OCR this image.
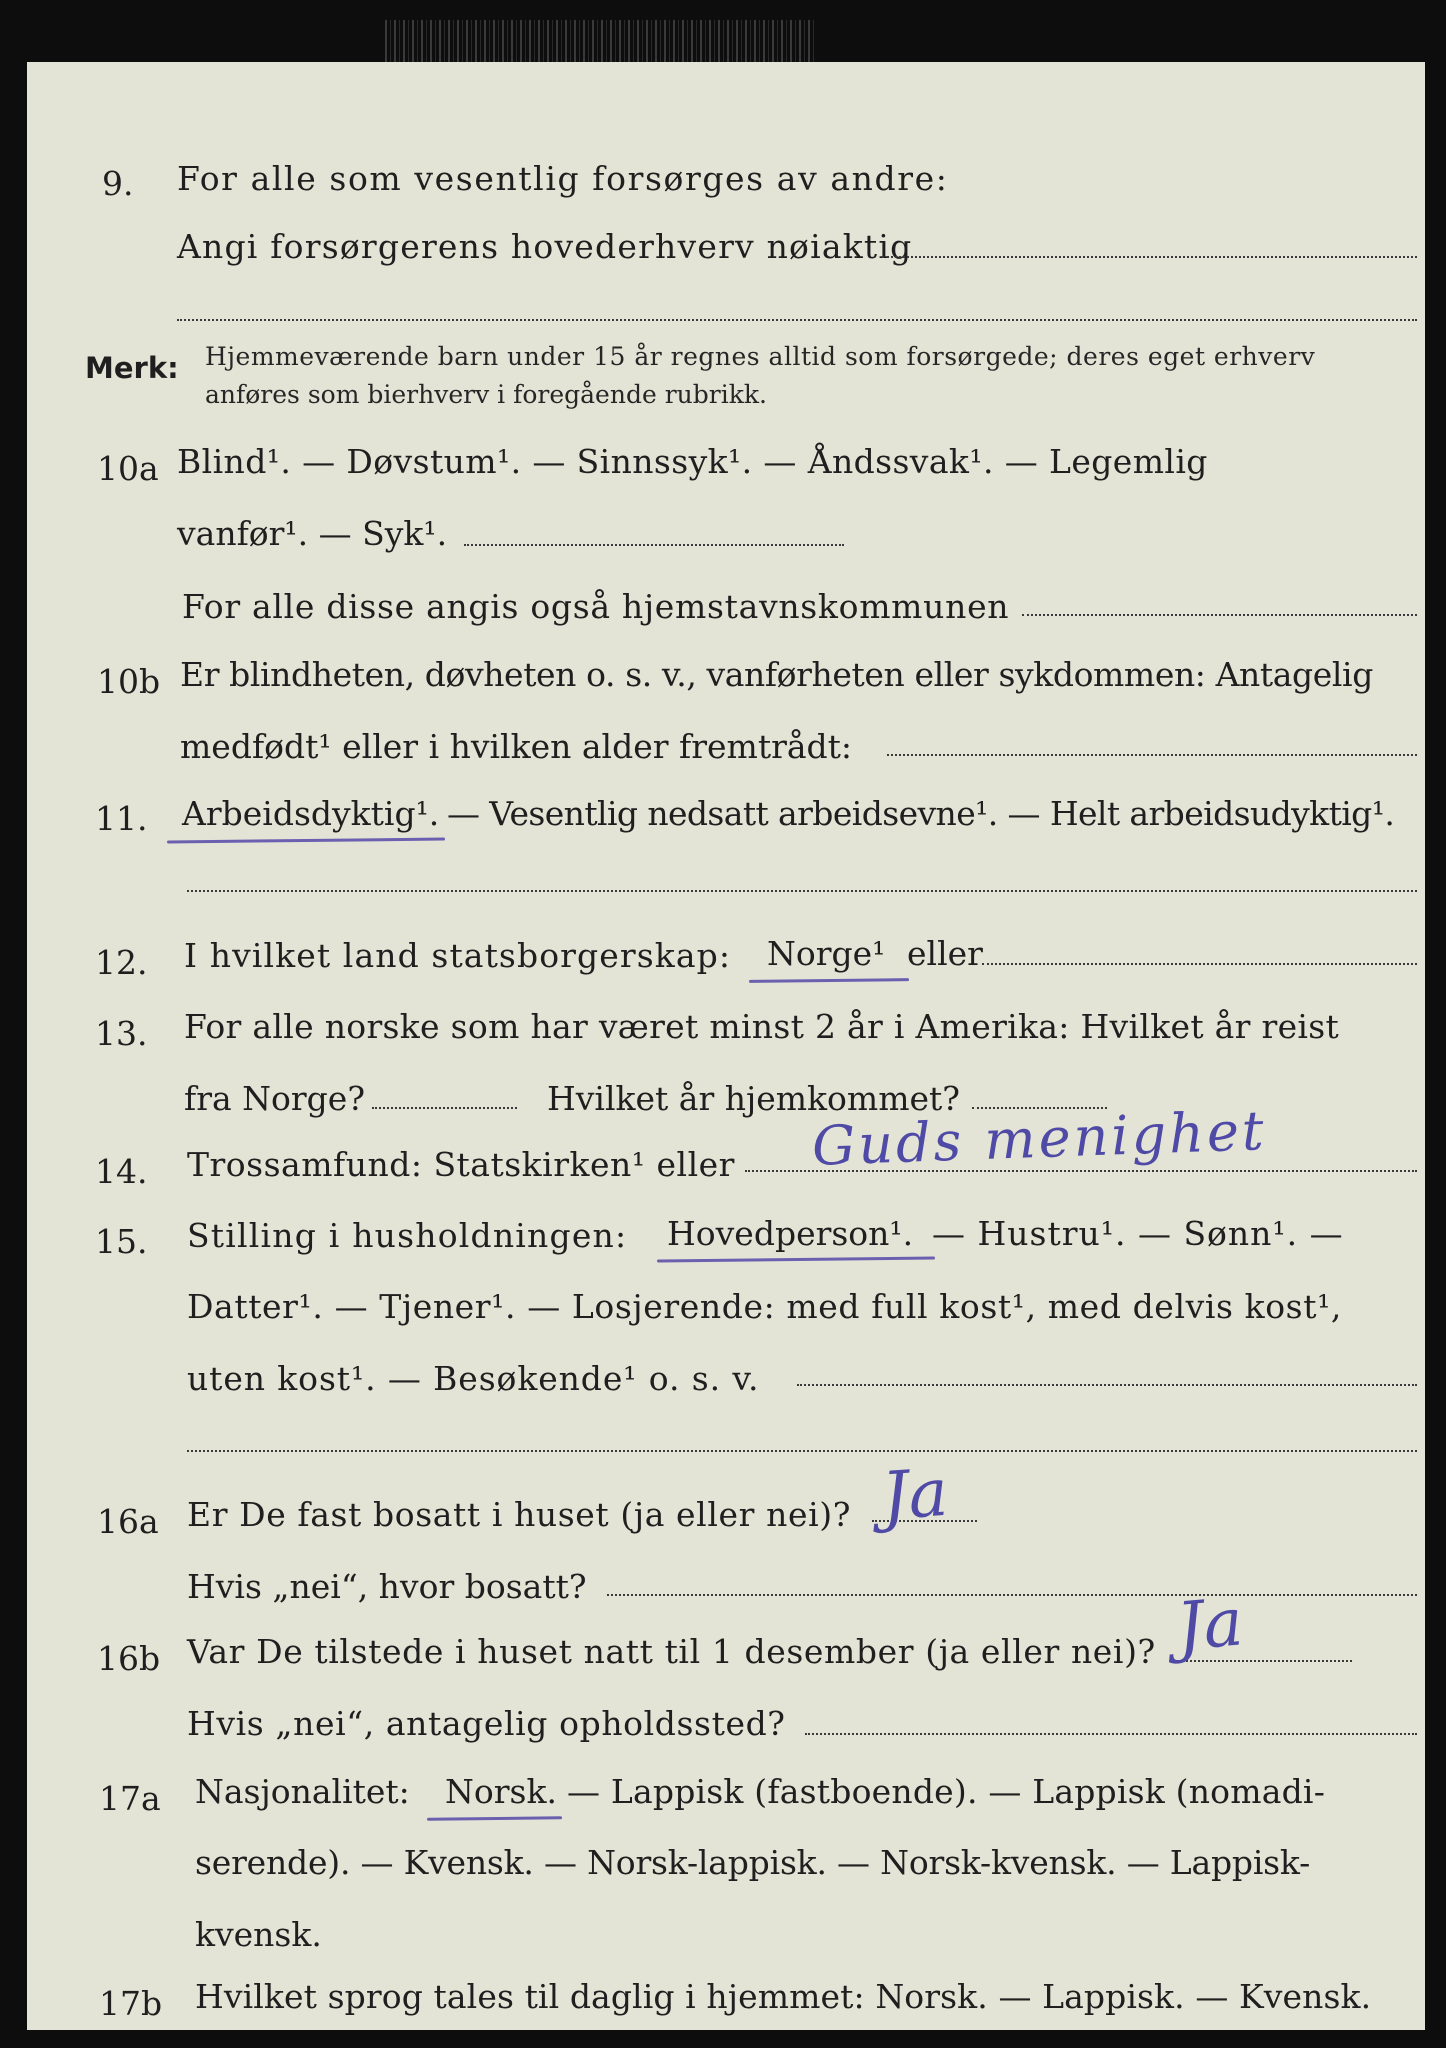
9. For alle som vesentlig forsørges av andre:
Angi forsørgerens hovederhverv nøiaktig
Merk: Hjemmeværende barn under 15 år regnes alltid som forsørgede; deres eget erhverv
anføres som bierhverv i foregående rubrikk.
10a Blind¹. — Døvstum¹. — Sinnssyk¹. — Åndssvak¹. — Legemlig
vanfør¹. — Syk¹.
For alle disse angis også hjemstavnskommunen
10b Er blindheten, døvheten o. s. v., vanførheten eller sykdommen: Antagelig
medfødt¹ eller i hvilken alder fremtrådt:
11. Arbeidsdyktig¹. — Vesentlig nedsatt arbeidsevne¹. — Helt arbeidsudyktig¹.
12. I hvilket land statsborgerskap: Norge¹ eller
13. For alle norske som har været minst 2 år i Amerika: Hvilket år reist
fra Norge?	Hvilket år hjemkommet?
14. Trossamfund: Statskirken¹ eller Guds menighet
15. Stilling i husholdningen: Hovedperson¹. — Hustru¹. — Sønn¹. —
Datter¹. — Tjener¹. — Losjerende: med full kost¹, med delvis kost¹,
uten kost¹. — Besøkende¹ o. s. v.
16a Er De fast bosatt i huset (ja eller nei)? Ja
Hvis „nei“, hvor bosatt?
16b Var De tilstede i huset natt til 1 desember (ja eller nei)? Ja
Hvis „nei“, antagelig opholdssted?
17a Nasjonalitet: Norsk. — Lappisk (fastboende). — Lappisk (nomadi-
serende). — Kvensk. — Norsk-lappisk. — Norsk-kvensk. — Lappisk-
kvensk.
17b Hvilket sprog tales til daglig i hjemmet: Norsk. — Lappisk. — Kvensk.
